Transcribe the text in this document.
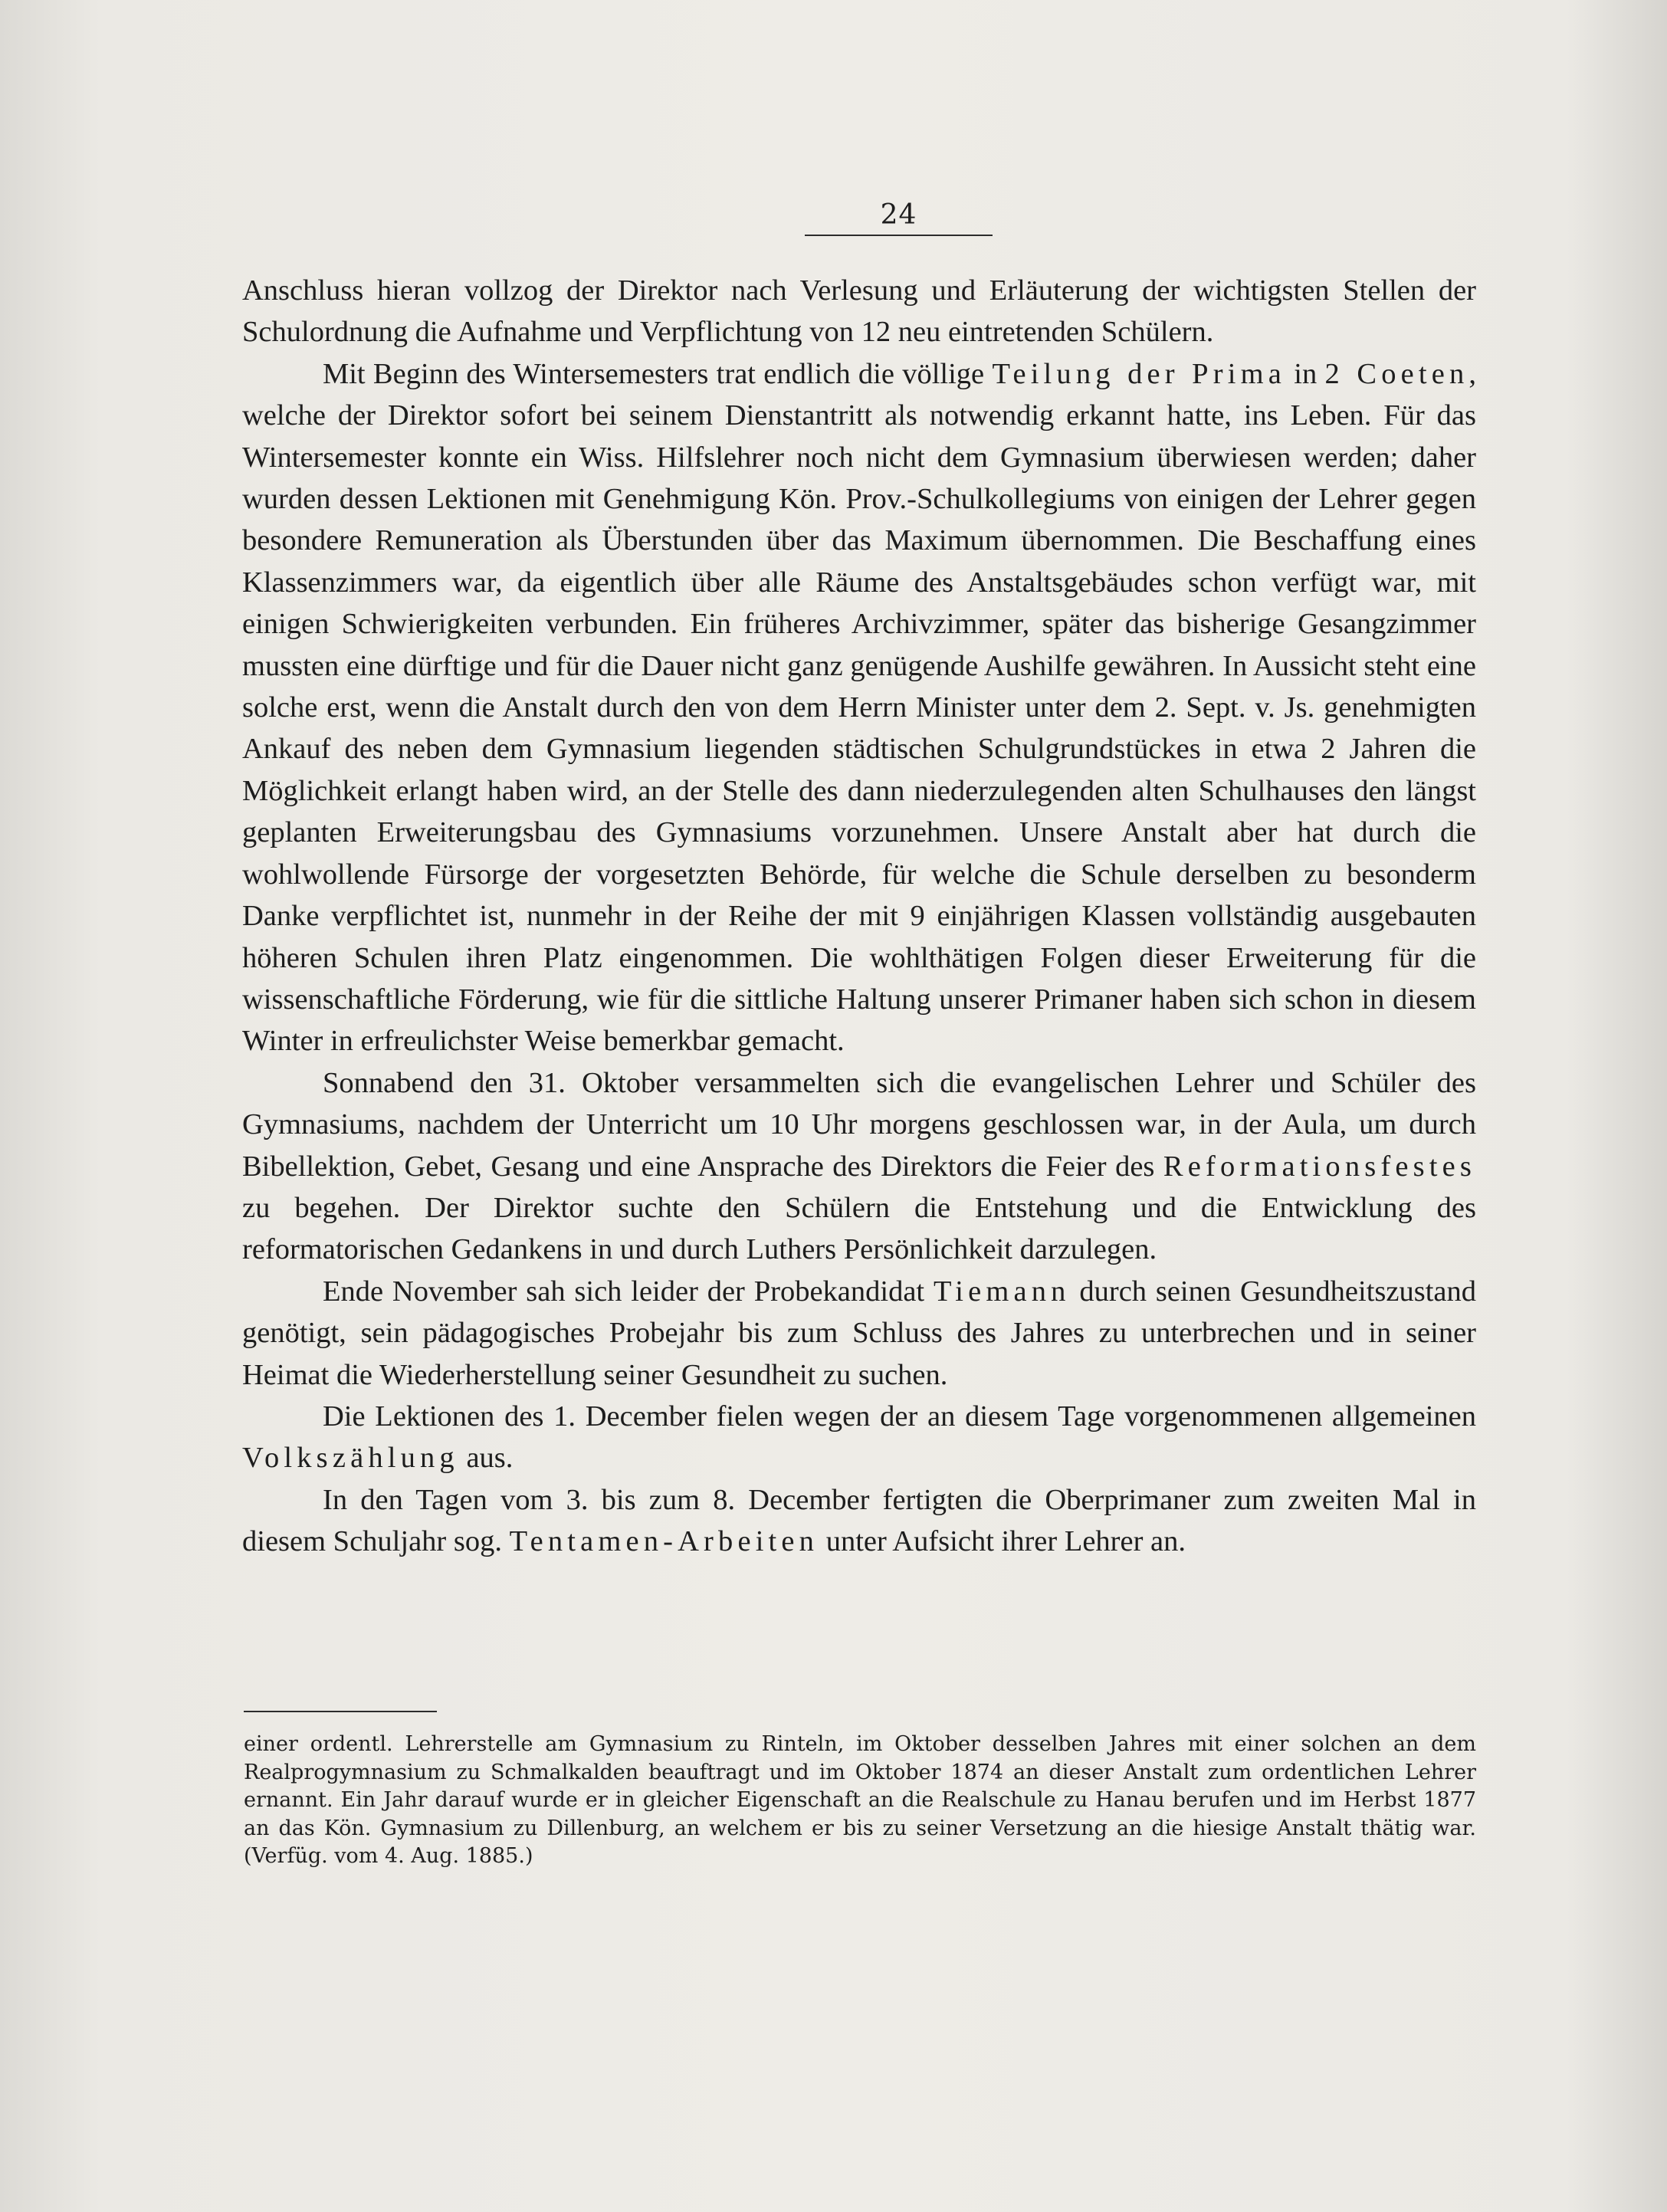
24

Anschluss hieran vollzog der Direktor nach Verlesung und Erläuterung der wichtigsten Stellen der Schulordnung die Aufnahme und Verpflichtung von 12 neu eintretenden Schülern.

Mit Beginn des Wintersemesters trat endlich die völlige Teilung der Prima in 2 Coeten, welche der Direktor sofort bei seinem Dienstantritt als notwendig erkannt hatte, ins Leben. Für das Wintersemester konnte ein Wiss. Hilfslehrer noch nicht dem Gymnasium überwiesen werden; daher wurden dessen Lektionen mit Genehmigung Kön. Prov.-Schulkollegiums von einigen der Lehrer gegen besondere Remuneration als Überstunden über das Maximum übernommen. Die Beschaffung eines Klassenzimmers war, da eigentlich über alle Räume des Anstaltsgebäudes schon verfügt war, mit einigen Schwierigkeiten verbunden. Ein früheres Archivzimmer, später das bisherige Gesangzimmer mussten eine dürftige und für die Dauer nicht ganz genügende Aushilfe gewähren. In Aussicht steht eine solche erst, wenn die Anstalt durch den von dem Herrn Minister unter dem 2. Sept. v. Js. genehmigten Ankauf des neben dem Gymnasium liegenden städtischen Schulgrundstückes in etwa 2 Jahren die Möglichkeit erlangt haben wird, an der Stelle des dann niederzulegenden alten Schulhauses den längst geplanten Erweiterungsbau des Gymnasiums vorzunehmen. Unsere Anstalt aber hat durch die wohlwollende Fürsorge der vorgesetzten Behörde, für welche die Schule derselben zu besonderm Danke verpflichtet ist, nunmehr in der Reihe der mit 9 einjährigen Klassen vollständig ausgebauten höheren Schulen ihren Platz eingenommen. Die wohlthätigen Folgen dieser Erweiterung für die wissenschaftliche Förderung, wie für die sittliche Haltung unserer Primaner haben sich schon in diesem Winter in erfreulichster Weise bemerkbar gemacht.

Sonnabend den 31. Oktober versammelten sich die evangelischen Lehrer und Schüler des Gymnasiums, nachdem der Unterricht um 10 Uhr morgens geschlossen war, in der Aula, um durch Bibellektion, Gebet, Gesang und eine Ansprache des Direktors die Feier des Reformationsfestes zu begehen. Der Direktor suchte den Schülern die Entstehung und die Entwicklung des reformatorischen Gedankens in und durch Luthers Persönlichkeit darzulegen.

Ende November sah sich leider der Probekandidat Tiemann durch seinen Gesundheitszustand genötigt, sein pädagogisches Probejahr bis zum Schluss des Jahres zu unterbrechen und in seiner Heimat die Wiederherstellung seiner Gesundheit zu suchen.

Die Lektionen des 1. December fielen wegen der an diesem Tage vorgenommenen allgemeinen Volkszählung aus.

In den Tagen vom 3. bis zum 8. December fertigten die Oberprimaner zum zweiten Mal in diesem Schuljahr sog. Tentamen-Arbeiten unter Aufsicht ihrer Lehrer an.

einer ordentl. Lehrerstelle am Gymnasium zu Rinteln, im Oktober desselben Jahres mit einer solchen an dem Realprogymnasium zu Schmalkalden beauftragt und im Oktober 1874 an dieser Anstalt zum ordentlichen Lehrer ernannt. Ein Jahr darauf wurde er in gleicher Eigenschaft an die Realschule zu Hanau berufen und im Herbst 1877 an das Kön. Gymnasium zu Dillenburg, an welchem er bis zu seiner Versetzung an die hiesige Anstalt thätig war. (Verfüg. vom 4. Aug. 1885.)
